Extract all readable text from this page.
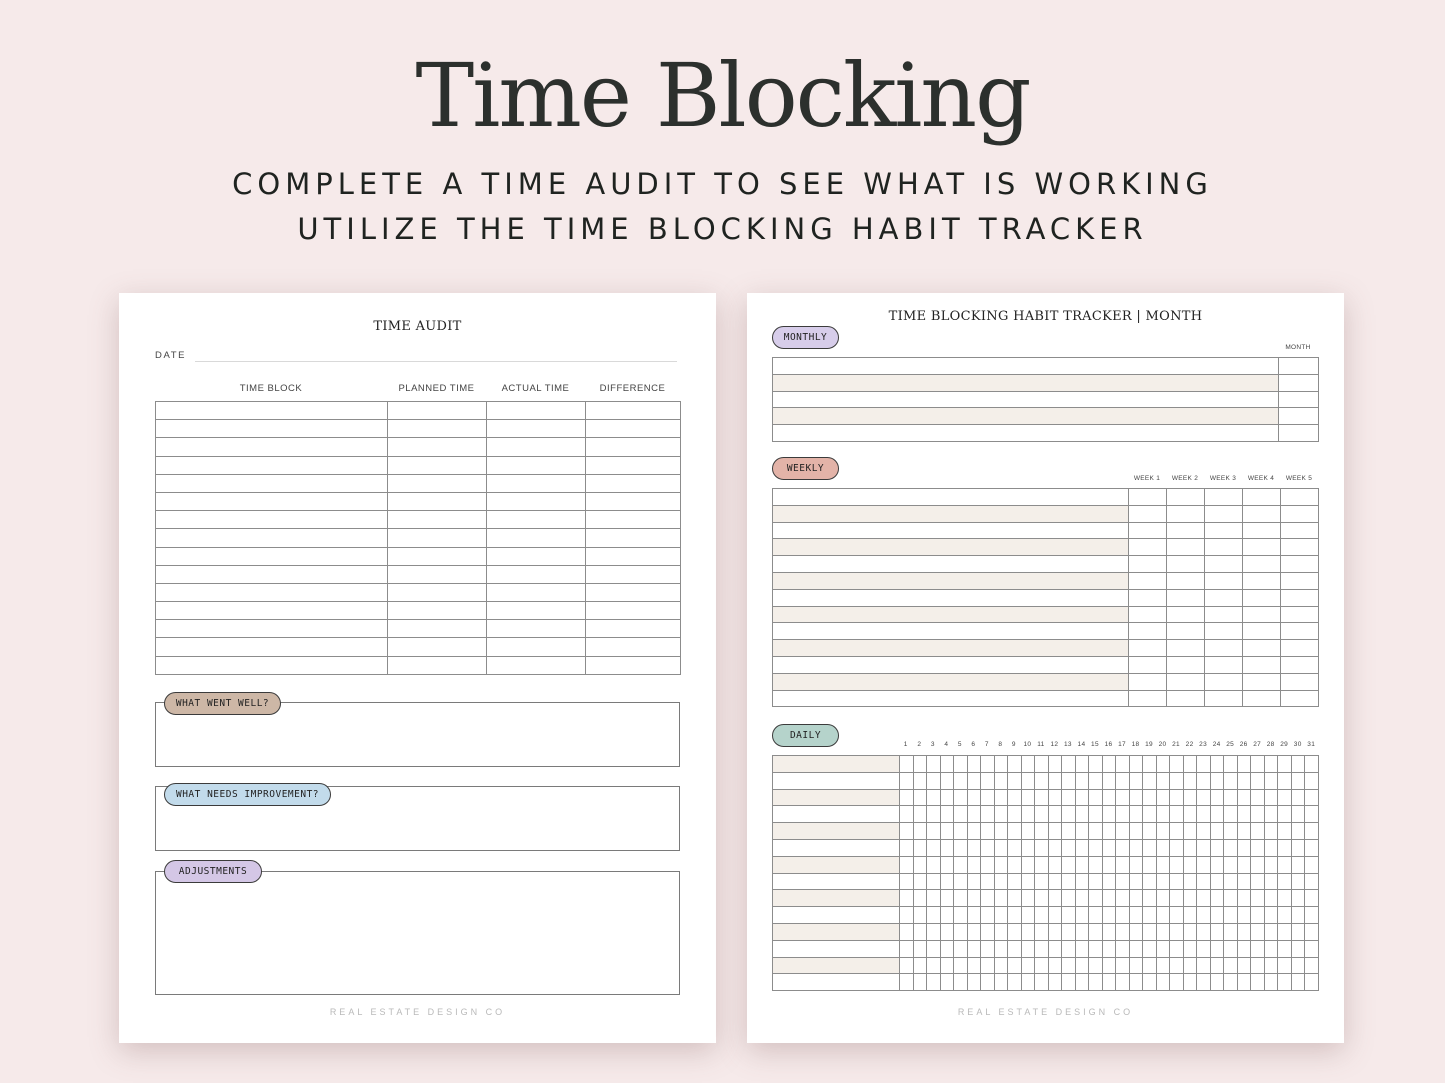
Time Blocking
COMPLETE A TIME AUDIT TO SEE WHAT IS WORKING
UTILIZE THE TIME BLOCKING HABIT TRACKER
TIME AUDIT
DATE
TIME BLOCK	PLANNED TIME	ACTUAL TIME	DIFFERENCE

WHAT WENT WELL?
WHAT NEEDS IMPROVEMENT?
ADJUSTMENTS
REAL ESTATE DESIGN CO
TIME BLOCKING HABIT TRACKER | MONTH
MONTHLY
MONTH

WEEKLY
WEEK 1	WEEK 2	WEEK 3	WEEK 4	WEEK 5

DAILY
1	2	3	4	5	6	7	8	9	10 11 12 13 14 15 16 17 18 19 20 21 22 23 24 25 26 27 28 29 30 31

REAL ESTATE DESIGN CO
